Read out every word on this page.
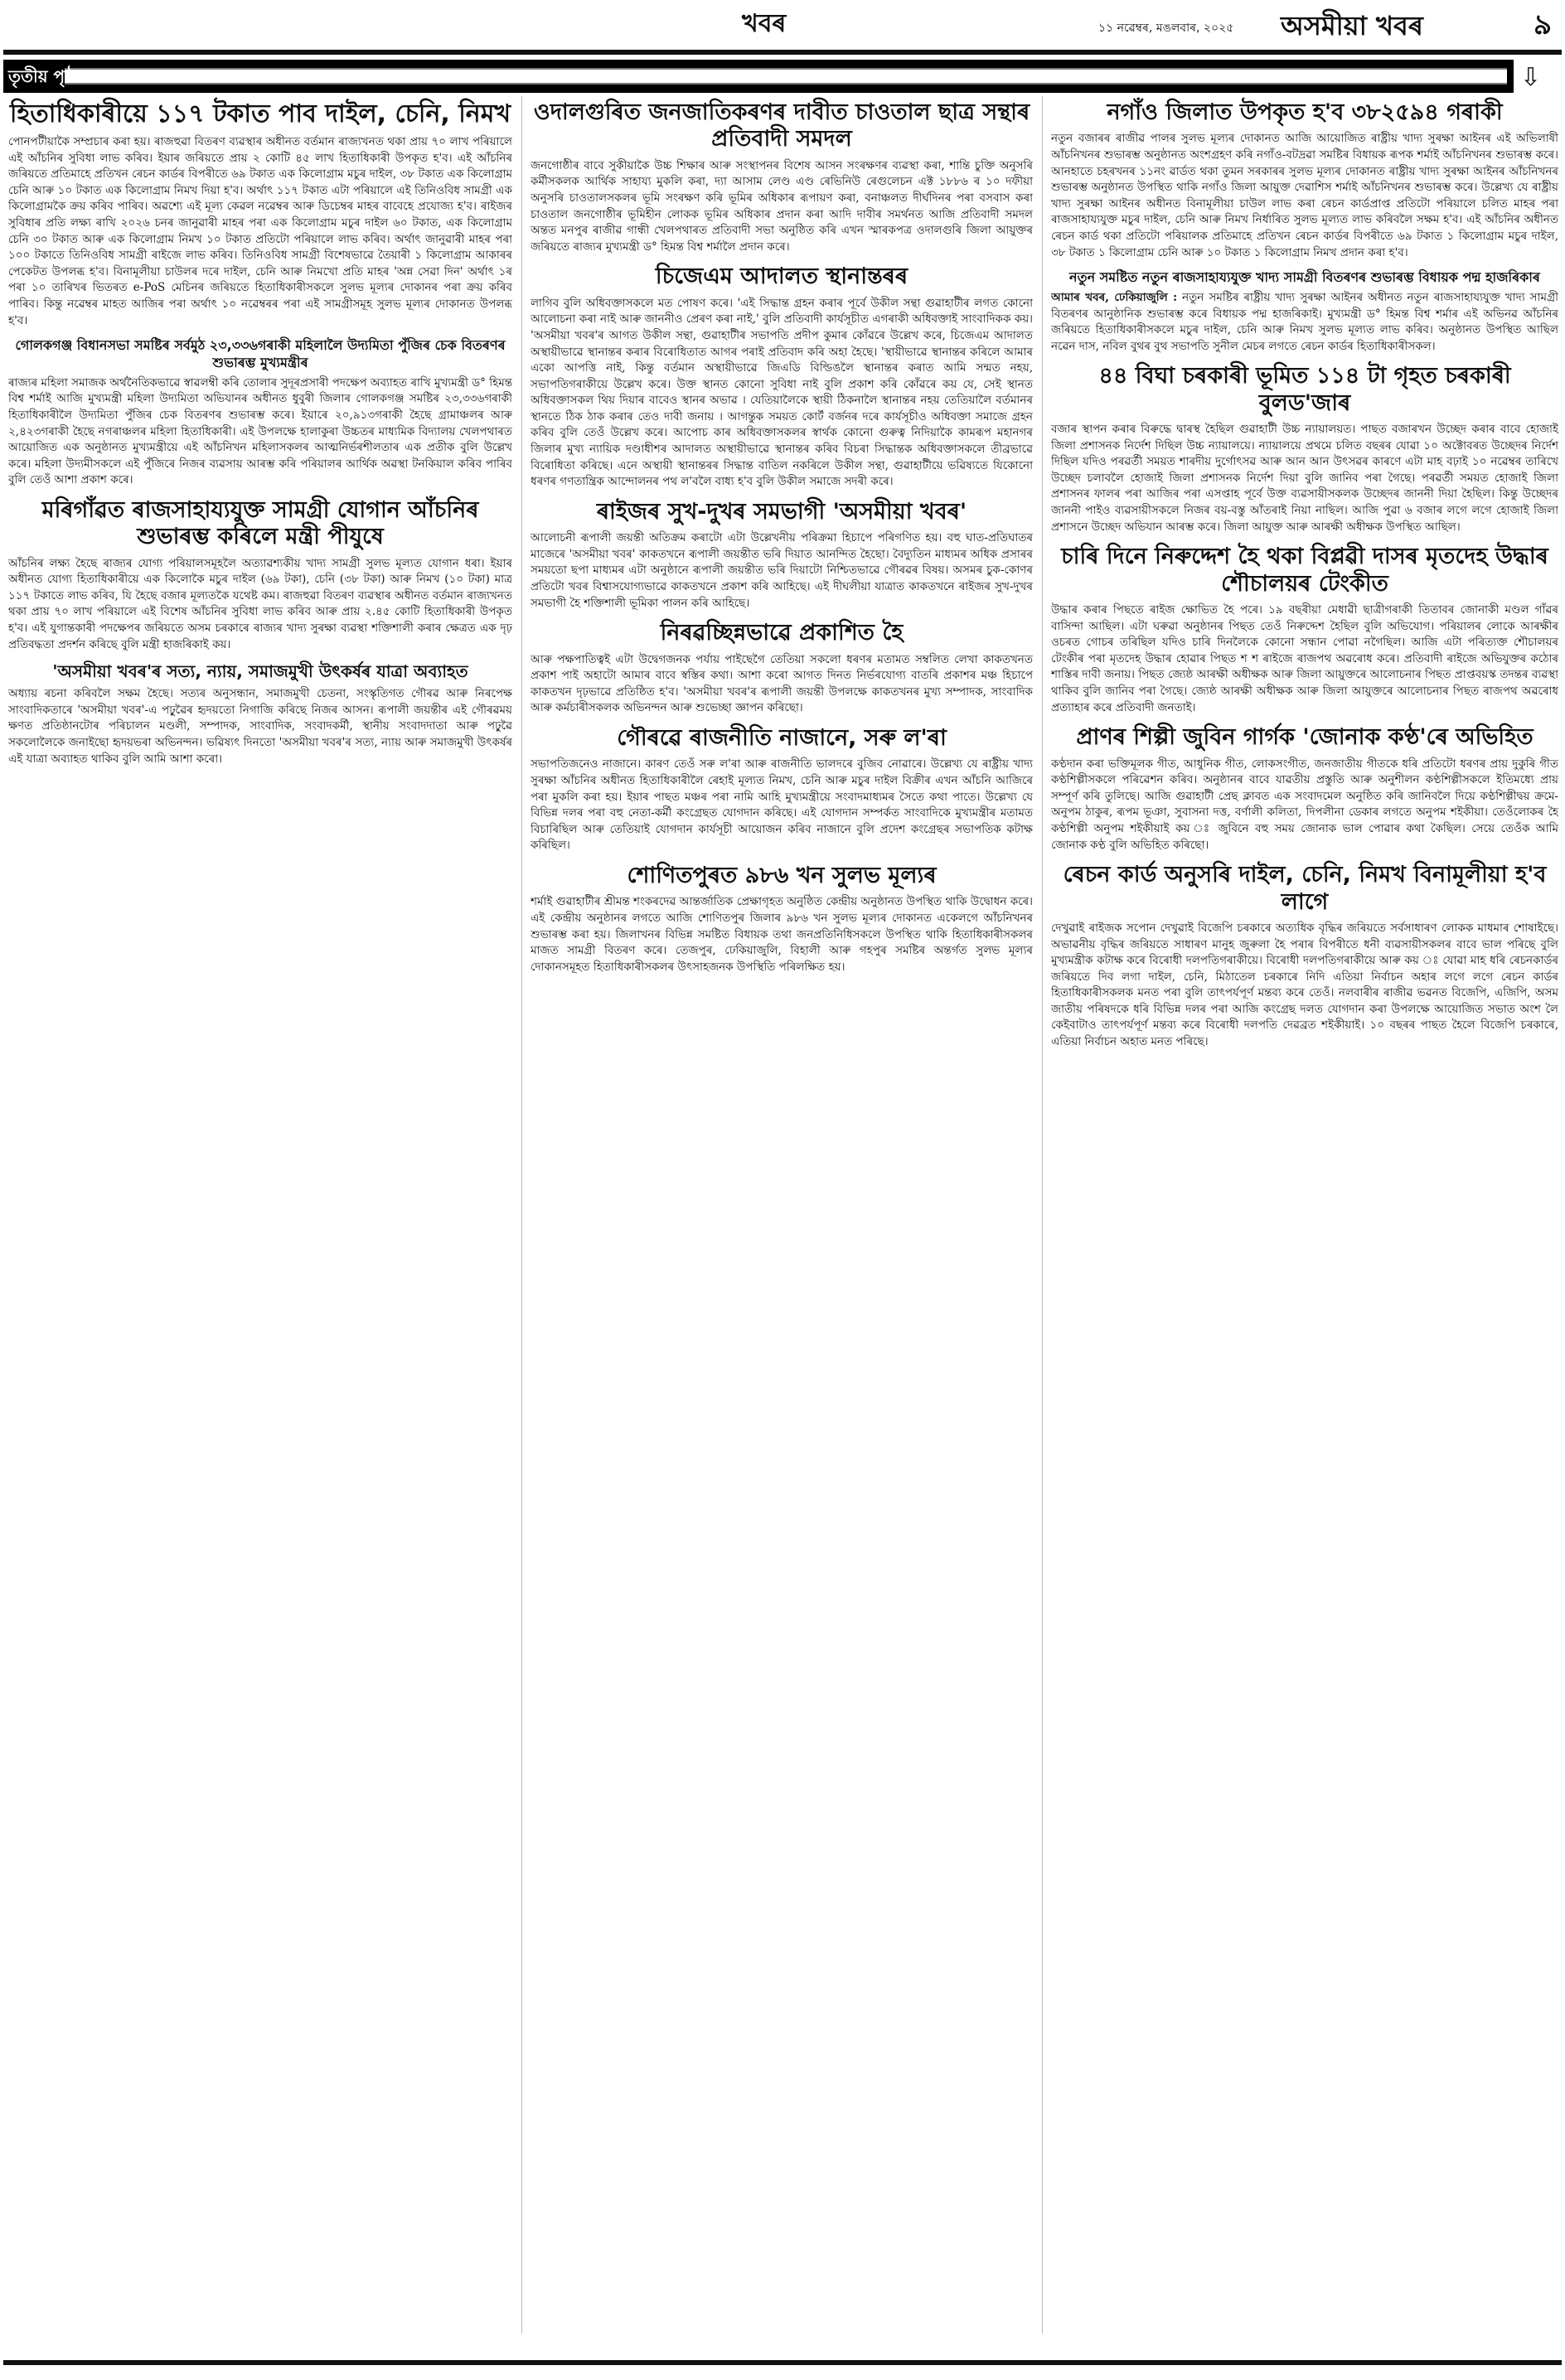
খবৰ	১১ নৱেম্বৰ, মঙলবাৰ, ২০২৫ অসমীয়া খবৰ	৯
তৃতীয় পৃষ্ঠাৰ পৰা	⇩
হিতাধিকাৰীয়ে ১১৭ টকাত পাব দাইল, চেনি, নিমখ

পোনপটীয়াকৈ সম্প্ৰচাৰ কৰা হয়। ৰাজহুৱা বিতৰণ ব্যৱস্থাৰ অধীনত বৰ্তমান ৰাজ্যখনত থকা প্ৰায় ৭০ লাখ পৰিয়ালে এই আঁচনিৰ সুবিধা লাভ কৰিব। ইয়াৰ জৰিয়তে প্ৰায় ২ কোটি ৪৫ লাখ হিতাধিকাৰী উপকৃত হ'ব। এই আঁচনিৰ জৰিয়তে প্ৰতিমাহে প্ৰতিখন ৰেচন কাৰ্ডৰ বিপৰীতে ৬৯ টকাত এক কিলোগ্ৰাম মচুৰ দাইল, ৩৮ টকাত এক কিলোগ্ৰাম চেনি আৰু ১০ টকাত এক কিলোগ্ৰাম নিমখ দিয়া হ'ব। অৰ্থাৎ ১১৭ টকাত এটা পৰিয়ালে এই তিনিওবিধ সামগ্ৰী এক কিলোগ্ৰামকৈ ক্ৰয় কৰিব পাৰিব। অৱশ্যে এই মূল্য কেৱল নৱেম্বৰ আৰু ডিচেম্বৰ মাহৰ বাবেহে প্ৰযোজ্য হ'ব। ৰাইজৰ সুবিধাৰ প্ৰতি লক্ষ্য ৰাখি ২০২৬ চনৰ জানুৱাৰী মাহৰ পৰা এক কিলোগ্ৰাম মচুৰ দাইল ৬০ টকাত, এক কিলোগ্ৰাম চেনি ৩০ টকাত আৰু এক কিলোগ্ৰাম নিমখ ১০ টকাত প্ৰতিটো পৰিয়ালে লাভ কৰিব। অৰ্থাৎ জানুৱাৰী মাহৰ পৰা ১০০ টকাতে তিনিওবিধ সামগ্ৰী ৰাইজে লাভ কৰিব। তিনিওবিধ সামগ্ৰী বিশেষভাৱে তৈয়াৰী ১ কিলোগ্ৰাম আকাৰৰ পেকেটত উপলব্ধ হ'ব। বিনামূলীয়া চাউলৰ দৰে দাইল, চেনি আৰু নিমখো প্ৰতি মাহৰ 'অন্ন সেৱা দিন' অৰ্থাৎ ১ৰ পৰা ১০ তাৰিখৰ ভিতৰত e-PoS মেচিনৰ জৰিয়তে হিতাধিকাৰীসকলে সুলভ মূল্যৰ দোকানৰ পৰা ক্ৰয় কৰিব পাৰিব। কিন্তু নৱেম্বৰ মাহত আজিৰ পৰা অৰ্থাৎ ১০ নৱেম্বৰৰ পৰা এই সামগ্ৰীসমূহ সুলভ মূল্যৰ দোকানত উপলব্ধ হ'ব।

গোলকগঞ্জ বিধানসভা সমষ্টিৰ সৰ্বমুঠ ২৩,৩৩৬গৰাকী মহিলালৈ উদ্যমিতা পুঁজিৰ চেক বিতৰণৰ শুভাৰম্ভ মুখ্যমন্ত্ৰীৰ

ৰাজ্যৰ মহিলা সমাজক অৰ্থনৈতিকভাৱে স্বাৱলম্বী কৰি তোলাৰ সুদূৰপ্ৰসাৰী পদক্ষেপ অব্যাহত ৰাখি মুখ্যমন্ত্ৰী ড° হিমন্ত বিশ্ব শৰ্মাই আজি মুখ্যমন্ত্ৰী মহিলা উদ্যমিতা অভিযানৰ অধীনত ধুবুৰী জিলাৰ গোলকগঞ্জ সমষ্টিৰ ২৩,৩৩৬গৰাকী হিতাধিকাৰীলৈ উদ্যমিতা পুঁজিৰ চেক বিতৰণৰ শুভাৰম্ভ কৰে। ইয়াৰে ২০,৯১৩গৰাকী হৈছে গ্ৰামাঞ্চলৰ আৰু ২,৪২৩গৰাকী হৈছে নগৰাঞ্চলৰ মহিলা হিতাধিকাৰী। এই উপলক্ষে হালাকুৰা উচ্চতৰ মাধ্যমিক বিদ্যালয় খেলপথাৰত আয়োজিত এক অনুষ্ঠানত মুখ্যমন্ত্ৰীয়ে এই আঁচনিখন মহিলাসকলৰ আত্মনিৰ্ভৰশীলতাৰ এক প্ৰতীক বুলি উল্লেখ কৰে। মহিলা উদ্যমীসকলে এই পুঁজিৰে নিজৰ ব্যৱসায় আৰম্ভ কৰি পৰিয়ালৰ আৰ্থিক অৱস্থা টনকিয়াল কৰিব পাৰিব বুলি তেওঁ আশা প্ৰকাশ কৰে।

মৰিগাঁৱত ৰাজসাহায্যযুক্ত সামগ্ৰী যোগান আঁচনিৰ শুভাৰম্ভ কৰিলে মন্ত্ৰী পীযুষে

আঁচনিৰ লক্ষ্য হৈছে ৰাজ্যৰ যোগ্য পৰিয়ালসমূহলৈ অত্যাৱশ্যকীয় খাদ্য সামগ্ৰী সুলভ মূল্যত যোগান ধৰা। ইয়াৰ অধীনত যোগ্য হিতাধিকাৰীয়ে এক কিলোকৈ মচুৰ দাইল (৬৯ টকা), চেনি (৩৮ টকা) আৰু নিমখ (১০ টকা) মাত্ৰ ১১৭ টকাতে লাভ কৰিব, যি হৈছে বজাৰ মূল্যতকৈ যথেষ্ট কম। ৰাজহুৱা বিতৰণ ব্যৱস্থাৰ অধীনত বৰ্তমান ৰাজ্যখনত থকা প্ৰায় ৭০ লাখ পৰিয়ালে এই বিশেষ আঁচনিৰ সুবিধা লাভ কৰিব আৰু প্ৰায় ২.৪৫ কোটি হিতাধিকাৰী উপকৃত হ'ব। এই যুগান্তকাৰী পদক্ষেপৰ জৰিয়তে অসম চৰকাৰে ৰাজ্যৰ খাদ্য সুৰক্ষা ব্যৱস্থা শক্তিশালী কৰাৰ ক্ষেত্ৰত এক দৃঢ় প্ৰতিবদ্ধতা প্ৰদৰ্শন কৰিছে বুলি মন্ত্ৰী হাজৰিকাই কয়।

'অসমীয়া খবৰ'ৰ সত্য, ন্যায়, সমাজমুখী উৎকৰ্ষৰ যাত্ৰা অব্যাহত

অধ্যায় ৰচনা কৰিবলৈ সক্ষম হৈছে। সত্যৰ অনুসন্ধান, সমাজমুখী চেতনা, সংস্কৃতিগত গৌৰৱ আৰু নিৰপেক্ষ সাংবাদিকতাৰে 'অসমীয়া খবৰ'-এ পঢ়ুৱৈৰ হৃদয়তো নিগাজি কৰিছে নিজৰ আসন। ৰূপালী জয়ন্তীৰ এই গৌৰৱময় ক্ষণত প্ৰতিষ্ঠানটোৰ পৰিচালন মণ্ডলী, সম্পাদক, সাংবাদিক, সংবাদকৰ্মী, স্থানীয় সংবাদদাতা আৰু পঢ়ুৱৈ সকলোলৈকে জনাইছো হৃদয়ভৰা অভিনন্দন। ভৱিষ্যৎ দিনতো 'অসমীয়া খবৰ'ৰ সত্য, ন্যায় আৰু সমাজমুখী উৎকৰ্ষৰ এই যাত্ৰা অব্যাহত থাকিব বুলি আমি আশা কৰো।

ওদালগুৰিত জনজাতিকৰণৰ দাবীত চাওতাল ছাত্ৰ সন্থাৰ প্ৰতিবাদী সমদল

জনগোষ্ঠীৰ বাবে সুকীয়াকৈ উচ্চ শিক্ষাৰ আৰু সংস্থাপনৰ বিশেষ আসন সংৰক্ষণৰ ব্যৱস্থা কৰা, শান্তি চুক্তি অনুসৰি কৰ্মীসকলক আৰ্থিক সাহায্য মুকলি কৰা, দ্যা আসাম লেণ্ড এণ্ড ৰেভিনিউ ৰেগুলেচন এক্ট ১৮৮৬ ৰ ১০ দফীয়া অনুসৰি চাওতালসকলৰ ভূমি সংৰক্ষণ কৰি ভূমিৰ অধিকাৰ ৰূপায়ণ কৰা, বনাঞ্চলত দীৰ্ঘদিনৰ পৰা বসবাস কৰা চাওতাল জনগোষ্ঠীৰ ভূমিহীন লোকক ভূমিৰ অধিকাৰ প্ৰদান কৰা আদি দাবীৰ সমৰ্থনত আজি প্ৰতিবাদী সমদল অন্তত মনপুৰ ৰাজীৱ গান্ধী খেলপথাৰত প্ৰতিবাদী সভা অনুষ্ঠিত কৰি এখন স্মাৰকপত্ৰ ওদালগুৰি জিলা আয়ুক্তৰ জৰিয়তে ৰাজ্যৰ মুখ্যমন্ত্ৰী ড° হিমন্ত বিশ্ব শৰ্মালৈ প্ৰদান কৰে।

চিজেএম আদালত স্থানান্তৰৰ

লাগিব বুলি অধিবক্তাসকলে মত পোষণ কৰে। 'এই সিদ্ধান্ত গ্ৰহন কৰাৰ পূৰ্বে উকীল সন্থা গুৱাহাটীৰ লগত কোনো আলোচনা কৰা নাই আৰু জাননীও প্ৰেৰণ কৰা নাই,' বুলি প্ৰতিবাদী কাৰ্যসূচীত এগৰাকী অধিবক্তাই সাংবাদিকক কয়। 'অসমীয়া খবৰ'ৰ আগত উকীল সন্থা, গুৱাহাটীৰ সভাপতি প্ৰদীপ কুমাৰ কোঁৱৰে উল্লেখ কৰে, চিজেএম আদালত অস্থায়ীভাৱে স্থানান্তৰ কৰাৰ বিৰোধিতাত আগৰ পৰাই প্ৰতিবাদ কৰি অহা হৈছে। 'স্থায়ীভাৱে স্থানান্তৰ কৰিলে আমাৰ একো আপত্তি নাই, কিন্তু বৰ্তমান অস্থায়ীভাৱে জিএডি বিল্ডিঙলৈ স্থানান্তৰ কৰাত আমি সন্মত নহয়, সভাপতিগৰাকীয়ে উল্লেখ কৰে। উক্ত স্থানত কোনো সুবিধা নাই বুলি প্ৰকাশ কৰি কোঁৱৰে কয় যে, সেই স্থানত অধিবক্তাসকল থিয় দিয়াৰ বাবেও স্থানৰ অভাৱ । যেতিয়ালৈকে স্থায়ী ঠিকনালৈ স্থানান্তৰ নহয় তেতিয়ালৈ বৰ্তমানৰ স্থানতে ঠিক ঠাক কৰাৰ তেও দাবী জনায় । আগন্তুক সময়ত কোৰ্ট বৰ্জনৰ দৰে কাৰ্যসূচীও অধিবক্তা সমাজে গ্ৰহন কৰিব বুলি তেওঁ উল্লেখ কৰে। আপোচ কাৰ অধিবক্তাসকলৰ স্বাৰ্থক কোনো গুৰুত্ব নিদিয়াকৈ কামৰূপ মহানগৰ জিলাৰ মুখ্য ন্যায়িক দণ্ডাধীশৰ আদালত অস্থায়ীভাৱে স্থানান্তৰ কৰিব বিচৰা সিদ্ধান্তক অধিবক্তাসকলে তীব্ৰভাৱে বিৰোধিতা কৰিছে। এনে অস্থায়ী স্থানান্তৰৰ সিদ্ধান্ত বাতিল নকৰিলে উকীল সন্থা, গুৱাহাটীয়ে ভৱিষ্যতে যিকোনো ধৰণৰ গণতান্ত্ৰিক আন্দোলনৰ পথ ল'বলৈ বাধ্য হ'ব বুলি উকীল সমাজে সদৰী কৰে।

ৰাইজৰ সুখ-দুখৰ সমভাগী 'অসমীয়া খবৰ'

আলোচনী ৰূপালী জয়ন্তী অতিক্ৰম কৰাটো এটা উল্লেখনীয় পৰিক্ৰমা হিচাপে পৰিগণিত হয়। বহু ঘাত-প্ৰতিঘাতৰ মাজেৰে 'অসমীয়া খবৰ' কাকতখনে ৰূপালী জয়ন্তীত ভৰি দিয়াত আনন্দিত হৈছো। বৈদ্যুতিন মাধ্যমৰ অধিক প্ৰসাৰৰ সময়তো ছপা মাধ্যমৰ এটা অনুষ্ঠানে ৰূপালী জয়ন্তীত ভৰি দিয়াটো নিশ্চিতভাৱে গৌৰৱৰ বিষয়। অসমৰ চুক-কোণৰ প্ৰতিটো খবৰ বিশ্বাসযোগ্যভাৱে কাকতখনে প্ৰকাশ কৰি আহিছে। এই দীঘলীয়া যাত্ৰাত কাকতখনে ৰাইজৰ সুখ-দুখৰ সমভাগী হৈ শক্তিশালী ভূমিকা পালন কৰি আহিছে।

নিৰৱচ্ছিন্নভাৱে প্ৰকাশিত হৈ

আৰু পক্ষপাতিত্বই এটা উদ্বেগজনক পৰ্যায় পাইছেগৈ তেতিয়া সকলো ধৰণৰ মতামত সম্বলিত লেখা কাকতখনত প্ৰকাশ পাই অহাটো আমাৰ বাবে স্বস্তিৰ কথা। আশা কৰো আগত দিনত নিৰ্ভৰযোগ্য বাতৰি প্ৰকাশৰ মঞ্চ হিচাপে কাকতখন দৃঢ়ভাৱে প্ৰতিষ্ঠিত হ'ব। 'অসমীয়া খবৰ'ৰ ৰূপালী জয়ন্তী উপলক্ষে কাকতখনৰ মুখ্য সম্পাদক, সাংবাদিক আৰু কৰ্মচাৰীসকলক অভিনন্দন আৰু শুভেচ্ছা জ্ঞাপন কৰিছো।

গৌৰৱে ৰাজনীতি নাজানে, সৰু ল'ৰা

সভাপতিজনেও নাজানে। কাৰণ তেওঁ সৰু ল'ৰা আৰু ৰাজনীতি ভালদৰে বুজিব নোৱাৰে। উল্লেখ্য যে ৰাষ্ট্ৰীয় খাদ্য সুৰক্ষা আঁচনিৰ অধীনত হিতাধিকাৰীলৈ ৰেহাই মূল্যত নিমখ, চেনি আৰু মচুৰ দাইল বিক্ৰীৰ এখন আঁচনি আজিৰে পৰা মুকলি কৰা হয়। ইয়াৰ পাছত মঞ্চৰ পৰা নামি আহি মুখ্যমন্ত্ৰীয়ে সংবাদমাধ্যমৰ সৈতে কথা পাতে। উল্লেখ্য যে বিভিন্ন দলৰ পৰা বহু নেতা-কৰ্মী কংগ্ৰেছত যোগদান কৰিছে। এই যোগদান সম্পৰ্কত সাংবাদিকে মুখ্যমন্ত্ৰীৰ মতামত বিচাৰিছিল আৰু তেতিয়াই যোগদান কাৰ্যসূচী আয়োজন কৰিব নাজানে বুলি প্ৰদেশ কংগ্ৰেছৰ সভাপতিক কটাক্ষ কৰিছিল।

শোণিতপুৰত ৯৮৬ খন সুলভ মূল্যৰ

শৰ্মাই গুৱাহাটীৰ শ্ৰীমন্ত শংকৰদেৱ আন্তৰ্জাতিক প্ৰেক্ষাগৃহত অনুষ্ঠিত কেন্দ্ৰীয় অনুষ্ঠানত উপস্থিত থাকি উদ্বোধন কৰে। এই কেন্দ্ৰীয় অনুষ্ঠানৰ লগতে আজি শোণিতপুৰ জিলাৰ ৯৮৬ খন সুলভ মূল্যৰ দোকানত একেলগে আঁচনিখনৰ শুভাৰম্ভ কৰা হয়। জিলাখনৰ বিভিন্ন সমষ্টিত বিধায়ক তথা জনপ্ৰতিনিধিসকলে উপস্থিত থাকি হিতাধিকাৰীসকলৰ মাজত সামগ্ৰী বিতৰণ কৰে। তেজপুৰ, ঢেকিয়াজুলি, বিহালী আৰু গহপুৰ সমষ্টিৰ অন্তৰ্গত সুলভ মূল্যৰ দোকানসমূহত হিতাধিকাৰীসকলৰ উৎসাহজনক উপস্থিতি পৰিলক্ষিত হয়।

নগাঁও জিলাত উপকৃত হ'ব ৩৮২৫৯৪ গৰাকী

নতুন বজাৰৰ ৰাজীৱ পালৰ সুলভ মূল্যৰ দোকানত আজি আয়োজিত ৰাষ্ট্ৰীয় খাদ্য সুৰক্ষা আইনৰ এই অভিলাষী আঁচনিখনৰ শুভাৰম্ভ অনুষ্ঠানত অংশগ্ৰহণ কৰি নগাঁও-বটদ্ৰৱা সমষ্টিৰ বিধায়ক ৰূপক শৰ্মাই আঁচনিখনৰ শুভাৰম্ভ কৰে। আনহাতে চহৰখনৰ ১১নং ৱাৰ্ডত থকা তুমন সৰকাৰৰ সুলভ মূল্যৰ দোকানত ৰাষ্ট্ৰীয় খাদ্য সুৰক্ষা আইনৰ আঁচনিখনৰ শুভাৰম্ভ অনুষ্ঠানত উপস্থিত থাকি নগাঁও জিলা আয়ুক্ত দেৱাশিস শৰ্মাই আঁচনিখনৰ শুভাৰম্ভ কৰে। উল্লেখ্য যে ৰাষ্ট্ৰীয় খাদ্য সুৰক্ষা আইনৰ অধীনত বিনামূলীয়া চাউল লাভ কৰা ৰেচন কাৰ্ডপ্ৰাপ্ত প্ৰতিটো পৰিয়ালে চলিত মাহৰ পৰা ৰাজসাহায্যযুক্ত মচুৰ দাইল, চেনি আৰু নিমখ নিৰ্ধাৰিত সুলভ মূল্যত লাভ কৰিবলৈ সক্ষম হ'ব। এই আঁচনিৰ অধীনত ৰেচন কাৰ্ড থকা প্ৰতিটো পৰিয়ালক প্ৰতিমাহে প্ৰতিখন ৰেচন কাৰ্ডৰ বিপৰীতে ৬৯ টকাত ১ কিলোগ্ৰাম মচুৰ দাইল, ৩৮ টকাত ১ কিলোগ্ৰাম চেনি আৰু ১০ টকাত ১ কিলোগ্ৰাম নিমখ প্ৰদান কৰা হ'ব।

নতুন সমষ্টিত নতুন ৰাজসাহায্যযুক্ত খাদ্য সামগ্ৰী বিতৰণৰ শুভাৰম্ভ বিধায়ক পদ্ম হাজৰিকাৰ

আমাৰ খবৰ, ঢেকিয়াজুলি : নতুন সমষ্টিৰ ৰাষ্ট্ৰীয় খাদ্য সুৰক্ষা আইনৰ অধীনত নতুন ৰাজসাহায্যযুক্ত খাদ্য সামগ্ৰী বিতৰণৰ আনুষ্ঠানিক শুভাৰম্ভ কৰে বিধায়ক পদ্ম হাজৰিকাই। মুখ্যমন্ত্ৰী ড° হিমন্ত বিশ্ব শৰ্মাৰ এই অভিনৱ আঁচনিৰ জৰিয়তে হিতাধিকাৰীসকলে মচুৰ দাইল, চেনি আৰু নিমখ সুলভ মূল্যত লাভ কৰিব। অনুষ্ঠানত উপস্থিত আছিল নৱেন দাস, নবিল বুথৰ বুথ সভাপতি সুনীল মেচৰ লগতে ৰেচন কাৰ্ডৰ হিতাধিকাৰীসকল।

৪৪ বিঘা চৰকাৰী ভূমিত ১১৪ টা গৃহত চৰকাৰী বুলড'জাৰ

বজাৰ স্থাপন কৰাৰ বিৰুদ্ধে দ্বাৰস্থ হৈছিল গুৱাহাটী উচ্চ ন্যায়ালয়ত। পাছত বজাৰখন উচ্ছেদ কৰাৰ বাবে হোজাই জিলা প্ৰশাসনক নিৰ্দেশ দিছিল উচ্চ ন্যায়ালয়ে। ন্যায়ালয়ে প্ৰথমে চলিত বছৰৰ যোৱা ১০ অক্টোবৰত উচ্ছেদৰ নিৰ্দেশ দিছিল যদিও পৰৱৰ্তী সময়ত শাৰদীয় দুৰ্গোৎসৱ আৰু আন আন উৎসৱৰ কাৰণে এটা মাহ বঢ়াই ১০ নৱেম্বৰ তাৰিখে উচ্ছেদ চলাবলৈ হোজাই জিলা প্ৰশাসনক নিৰ্দেশ দিয়া বুলি জানিব পৰা গৈছে। পৰৱৰ্তী সময়ত হোজাই জিলা প্ৰশাসনৰ ফালৰ পৰা আজিৰ পৰা এসপ্তাহ পূৰ্বে উক্ত ব্যৱসায়ীসকলক উচ্ছেদৰ জাননী দিয়া হৈছিল। কিন্তু উচ্ছেদৰ জাননী পাইও ব্যৱসায়ীসকলে নিজৰ বয়-বস্তু আঁতৰাই নিয়া নাছিল। আজি পুৱা ৬ বজাৰ লগে লগে হোজাই জিলা প্ৰশাসনে উচ্ছেদ অভিযান আৰম্ভ কৰে। জিলা আয়ুক্ত আৰু আৰক্ষী অধীক্ষক উপস্থিত আছিল।

চাৰি দিনে নিৰুদ্দেশ হৈ থকা বিপ্লৱী দাসৰ মৃতদেহ উদ্ধাৰ শৌচালয়ৰ টেংকীত

উদ্ধাৰ কৰাৰ পিছতে ৰাইজ ক্ষোভিত হৈ পৰে। ১৯ বছৰীয়া মেধাৱী ছাত্ৰীগৰাকী তিতাবৰ জোনাকী মণ্ডল গাঁৱৰ বাসিন্দা আছিল। এটা ঘৰুৱা অনুষ্ঠানৰ পিছত তেওঁ নিৰুদ্দেশ হৈছিল বুলি অভিযোগ। পৰিয়ালৰ লোকে আৰক্ষীৰ ওচৰত গোচৰ তৰিছিল যদিও চাৰি দিনলৈকে কোনো সন্ধান পোৱা নগৈছিল। আজি এটা পৰিত্যক্ত শৌচালয়ৰ টেংকীৰ পৰা মৃতদেহ উদ্ধাৰ হোৱাৰ পিছত শ শ ৰাইজে ৰাজপথ অৱৰোধ কৰে। প্ৰতিবাদী ৰাইজে অভিযুক্তৰ কঠোৰ শাস্তিৰ দাবী জনায়। পিছত জ্যেষ্ঠ আৰক্ষী অধীক্ষক আৰু জিলা আয়ুক্তৰে আলোচনাৰ পিছত প্ৰাপ্তবয়স্ক তদন্তৰ ব্যৱস্থা থাকিব বুলি জানিব পৰা গৈছে। জ্যেষ্ঠ আৰক্ষী অধীক্ষক আৰু জিলা আয়ুক্তৰে আলোচনাৰ পিছত ৰাজপথ অৱৰোধ প্ৰত্যাহাৰ কৰে প্ৰতিবাদী জনতাই।

প্ৰাণৰ শিল্পী জুবিন গাৰ্গক 'জোনাক কণ্ঠ'ৰে অভিহিত

কণ্ঠদান কৰা ভক্তিমূলক গীত, আধুনিক গীত, লোকসংগীত, জনজাতীয় গীতকে ধৰি প্ৰতিটো ধৰণৰ প্ৰায় দুকুৰি গীত কণ্ঠশিল্পীসকলে পৰিৱেশন কৰিব। অনুষ্ঠানৰ বাবে যাৱতীয় প্ৰস্তুতি আৰু অনুশীলন কণ্ঠশিল্পীসকলে ইতিমধ্যে প্ৰায় সম্পূৰ্ণ কৰি তুলিছে। আজি গুৱাহাটী প্ৰেছ ক্লাবত এক সংবাদমেল অনুষ্ঠিত কৰি জানিবলৈ দিয়ে কণ্ঠশিল্পীদ্বয় ক্ৰমে- অনুপম ঠাকুৰ, ৰূপম ভূঞা, সুবাসনা দত্ত, বৰ্ণালী কলিতা, দিপলীনা ডেকাৰ লগতে অনুপম শইকীয়া। তেওঁলোকৰ হৈ কণ্ঠশিল্পী অনুপম শইকীয়াই কয় ঃ জুবিনে বহু সময় জোনাক ভাল পোৱাৰ কথা কৈছিল। সেয়ে তেওঁক আমি জোনাক কণ্ঠ বুলি অভিহিত কৰিছো।

ৰেচন কাৰ্ড অনুসৰি দাইল, চেনি, নিমখ বিনামূলীয়া হ'ব লাগে

দেখুৱাই ৰাইজক সপোন দেখুৱাই বিজেপি চৰকাৰে অত্যধিক বৃদ্ধিৰ জৰিয়তে সৰ্বসাধাৰণ লোকক মাধমাৰ শোষাইছে। অভাৱনীয় বৃদ্ধিৰ জৰিয়তে সাধাৰণ মানুহ জুৰুলা হৈ পৰাৰ বিপৰীতে ধনী ব্যৱসায়ীসকলৰ বাবে ভাল পৰিছে বুলি মুখ্যমন্ত্ৰীক কটাক্ষ কৰে বিৰোধী দলপতিগৰাকীয়ে। বিৰোধী দলপতিগৰাকীয়ে আৰু কয় ঃ যোৱা মাহ ধৰি ৰেচনকাৰ্ডৰ জৰিয়তে দিব লগা দাইল, চেনি, মিঠাতেল চৰকাৰে নিদি এতিয়া নিৰ্বাচন অহাৰ লগে লগে ৰেচন কাৰ্ডৰ হিতাধিকাৰীসকলক মনত পৰা বুলি তাৎপৰ্যপূৰ্ণ মন্তব্য কৰে তেওঁ। নলবাৰীৰ ৰাজীৱ ভৱনত বিজেপি, এজিপি, অসম জাতীয় পৰিষদকে ধৰি বিভিন্ন দলৰ পৰা আজি কংগ্ৰেছ দলত যোগদান কৰা উপলক্ষে আয়োজিত সভাত অংশ লৈ কেইবাটাও তাৎপৰ্যপূৰ্ণ মন্তব্য কৰে বিৰোধী দলপতি দেৱব্ৰত শইকীয়াই। ১০ বছৰৰ পাছত হৈলে বিজেপি চৰকাৰে, এতিয়া নিৰ্বাচন অহাত মনত পৰিছে।
